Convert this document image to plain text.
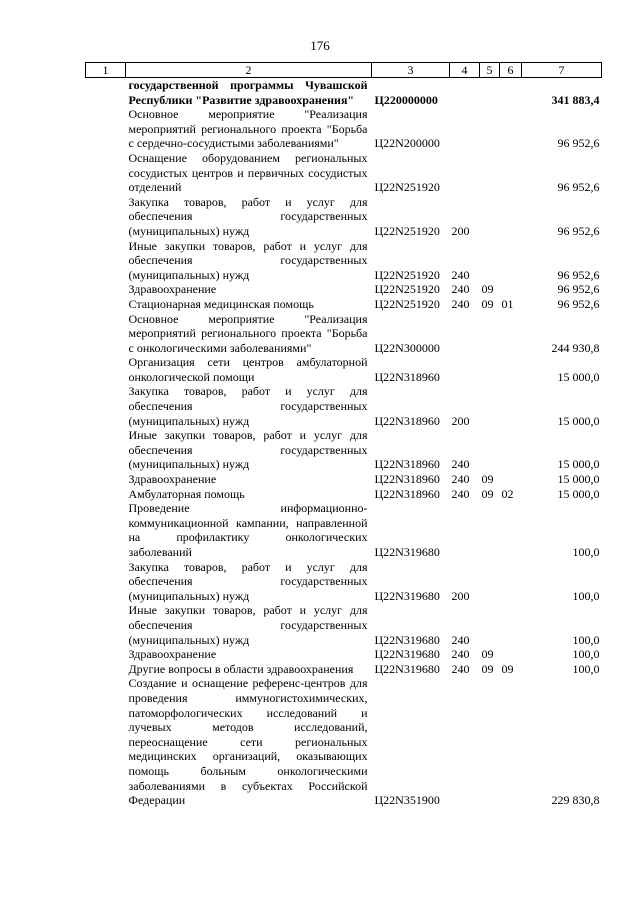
176
1	2	3	4	5	6	7
	государственной программы Чувашской Республики "Развитие здравоохранения"	Ц220000000				341 883,4
	Основное мероприятие "Реализация мероприятий регионального проекта "Борьба с сердечно-сосудистыми заболеваниями"	Ц22N200000				96 952,6
	Оснащение оборудованием региональных сосудистых центров и первичных сосудистых отделений	Ц22N251920				96 952,6
	Закупка товаров, работ и услуг для обеспечения государственных (муниципальных) нужд	Ц22N251920	200			96 952,6
	Иные закупки товаров, работ и услуг для обеспечения государственных (муниципальных) нужд	Ц22N251920	240			96 952,6
	Здравоохранение	Ц22N251920	240	09		96 952,6
	Стационарная медицинская помощь	Ц22N251920	240	09	01	96 952,6
	Основное мероприятие "Реализация мероприятий регионального проекта "Борьба с онкологическими заболеваниями"	Ц22N300000				244 930,8
	Организация сети центров амбулаторной онкологической помощи	Ц22N318960				15 000,0
	Закупка товаров, работ и услуг для обеспечения государственных (муниципальных) нужд	Ц22N318960	200			15 000,0
	Иные закупки товаров, работ и услуг для обеспечения государственных (муниципальных) нужд	Ц22N318960	240			15 000,0
	Здравоохранение	Ц22N318960	240	09		15 000,0
	Амбулаторная помощь	Ц22N318960	240	09	02	15 000,0
	Проведение информационно-коммуникационной кампании, направленной на профилактику онкологических заболеваний	Ц22N319680				100,0
	Закупка товаров, работ и услуг для обеспечения государственных (муниципальных) нужд	Ц22N319680	200			100,0
	Иные закупки товаров, работ и услуг для обеспечения государственных (муниципальных) нужд	Ц22N319680	240			100,0
	Здравоохранение	Ц22N319680	240	09		100,0
	Другие вопросы в области здравоохранения	Ц22N319680	240	09	09	100,0
	Создание и оснащение референс-центров для проведения иммуногистохимических, патоморфологических исследований и лучевых методов исследований, переоснащение сети региональных медицинских организаций, оказывающих помощь больным онкологическими заболеваниями в субъектах Российской Федерации	Ц22N351900				229 830,8
